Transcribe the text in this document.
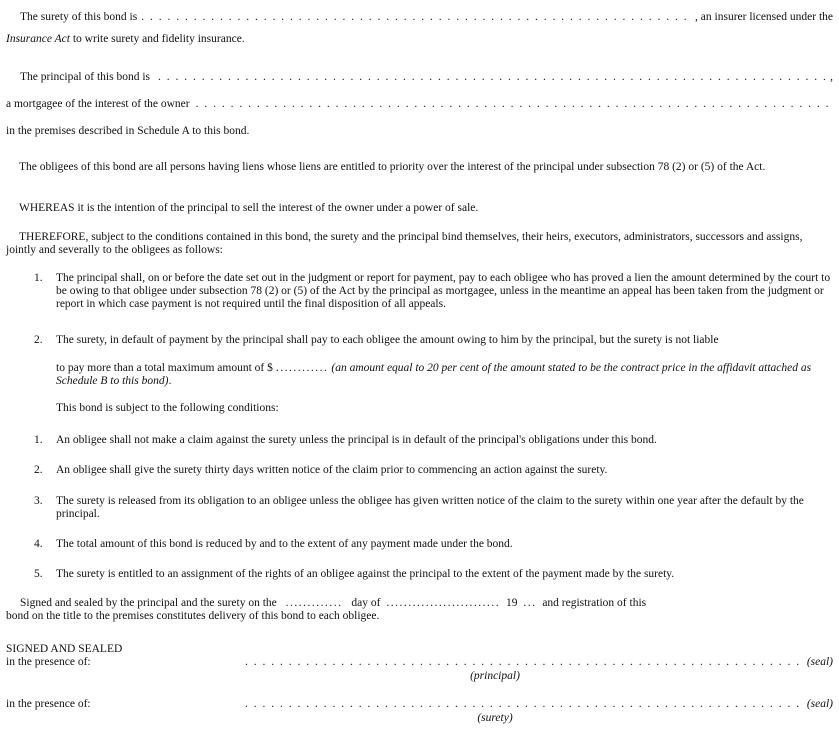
The surety of this bond is . . .	, an insurer licensed under the

Insurance Act to write surety and fidelity insurance.

The principal of this bond is . . .	,

a mortgagee of the interest of the owner
. . .

in the premises described in Schedule A to this bond.

The obligees of this bond are all persons having liens whose liens are entitled to priority over the interest of the principal under subsection 78 (2) or (5) of the Act.

WHEREAS it is the intention of the principal to sell the interest of the owner under a power of sale.

THEREFORE, subject to the conditions contained in this bond, the surety and the principal bind themselves, their heirs, executors, administrators, successors and assigns, jointly and severally to the obligees as follows:

1.	The principal shall, on or before the date set out in the judgment or report for payment, pay to each obligee who has proved a lien the amount determined by the court to be owing to that obligee under subsection 78 (2) or (5) of the Act by the principal as mortgagee, unless in the meantime an appeal has been taken from the judgment or report in which case payment is not required until the final disposition of all appeals.
2.	The surety, in default of payment by the principal shall pay to each obligee the amount owing to him by the principal, but the surety is not liable

to pay more than a total maximum amount of $ ............ (an amount equal to 20 per cent of the amount stated to be the contract price in the affidavit attached as Schedule B to this bond).

This bond is subject to the following conditions:

1.	An obligee shall not make a claim against the surety unless the principal is in default of the principal's obligations under this bond.
2.	An obligee shall give the surety thirty days written notice of the claim prior to commencing an action against the surety.
3.	The surety is released from its obligation to an obligee unless the obligee has given written notice of the claim to the surety within one year after the default by the principal.
4.	The total amount of this bond is reduced by and to the extent of any payment made under the bond.
5.	The surety is entitled to an assignment of the rights of an obligee against the principal to the extent of the payment made by the surety.

Signed and sealed by the principal and the surety on the ............. day of .......................... 19 ... and registration of this

bond on the title to the premises constitutes delivery of this bond to each obligee.

SIGNED AND SEALED

in the presence of: . . .	(seal)

(principal)

in the presence of: . . .	(seal)

(surety)
